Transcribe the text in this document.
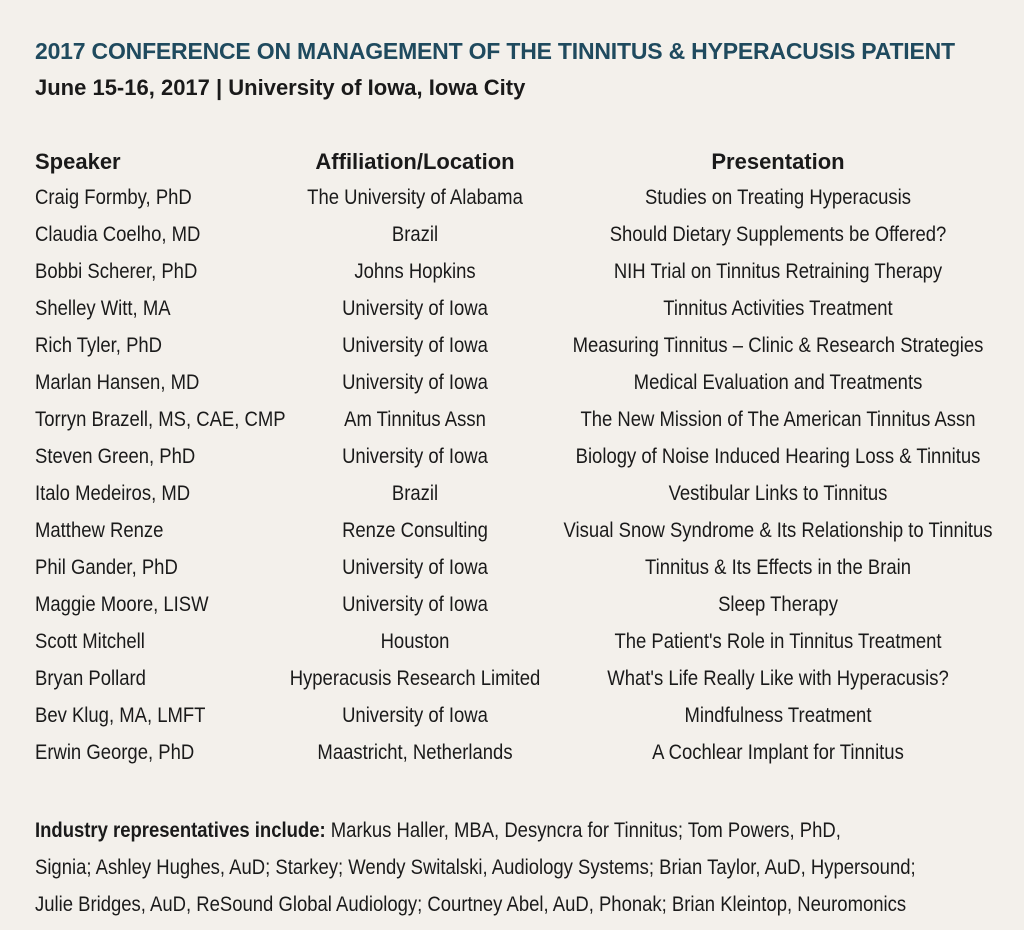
2017 CONFERENCE ON MANAGEMENT OF THE TINNITUS & HYPERACUSIS PATIENT
June 15-16, 2017 | University of Iowa, Iowa City
Speaker	Affiliation/Location	Presentation
Craig Formby, PhD	The University of Alabama	Studies on Treating Hyperacusis
Claudia Coelho, MD	Brazil	Should Dietary Supplements be Offered?
Bobbi Scherer, PhD	Johns Hopkins	NIH Trial on Tinnitus Retraining Therapy
Shelley Witt, MA	University of Iowa	Tinnitus Activities Treatment
Rich Tyler, PhD	University of Iowa	Measuring Tinnitus – Clinic & Research Strategies
Marlan Hansen, MD	University of Iowa	Medical Evaluation and Treatments
Torryn Brazell, MS, CAE, CMP	Am Tinnitus Assn	The New Mission of The American Tinnitus Assn
Steven Green, PhD	University of Iowa	Biology of Noise Induced Hearing Loss & Tinnitus
Italo Medeiros, MD	Brazil	Vestibular Links to Tinnitus
Matthew Renze	Renze Consulting	Visual Snow Syndrome & Its Relationship to Tinnitus
Phil Gander, PhD	University of Iowa	Tinnitus & Its Effects in the Brain
Maggie Moore, LISW	University of Iowa	Sleep Therapy
Scott Mitchell	Houston	The Patient's Role in Tinnitus Treatment
Bryan Pollard	Hyperacusis Research Limited	What's Life Really Like with Hyperacusis?
Bev Klug, MA, LMFT	University of Iowa	Mindfulness Treatment
Erwin George, PhD	Maastricht, Netherlands	A Cochlear Implant for Tinnitus
Industry representatives include: Markus Haller, MBA, Desyncra for Tinnitus; Tom Powers, PhD,
Signia; Ashley Hughes, AuD; Starkey; Wendy Switalski, Audiology Systems; Brian Taylor, AuD, Hypersound;
Julie Bridges, AuD, ReSound Global Audiology; Courtney Abel, AuD, Phonak; Brian Kleintop, Neuromonics
